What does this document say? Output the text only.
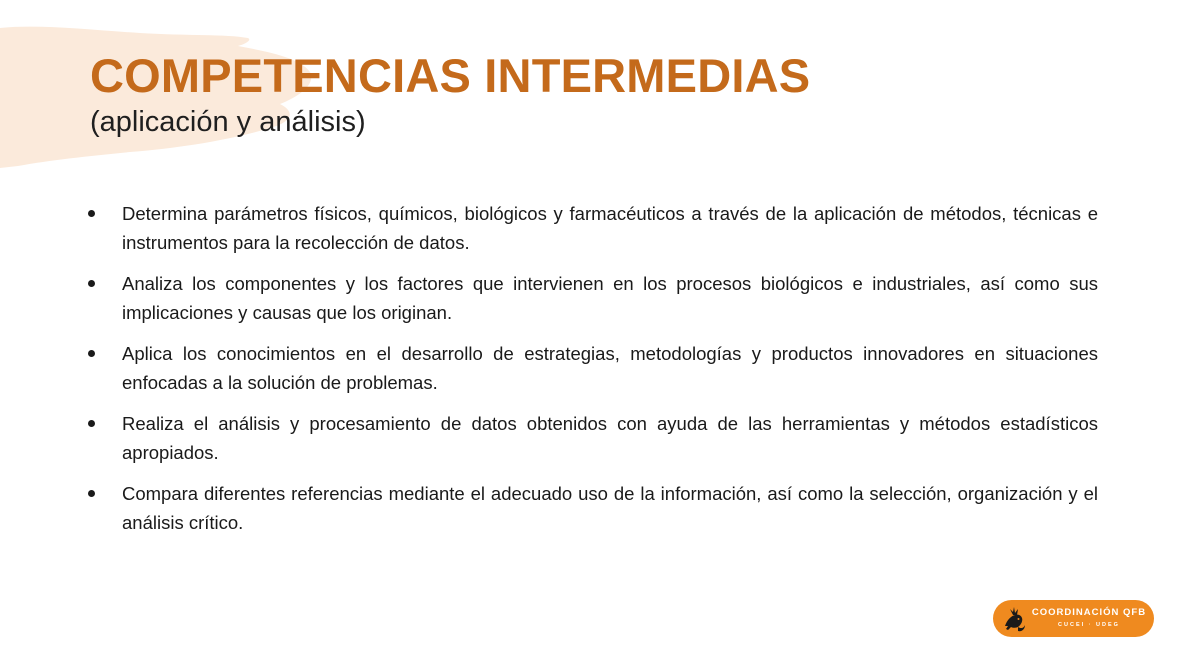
COMPETENCIAS INTERMEDIAS
(aplicación y análisis)
Determina parámetros físicos, químicos, biológicos y farmacéuticos a través de la aplicación de métodos, técnicas e instrumentos para la recolección de datos.
Analiza los componentes y los factores que intervienen en los procesos biológicos e industriales, así como sus implicaciones y causas que los originan.
Aplica los conocimientos en el desarrollo de estrategias, metodologías y productos innovadores en situaciones enfocadas a la solución de problemas.
Realiza el análisis y procesamiento de datos obtenidos con ayuda de las herramientas y métodos estadísticos apropiados.
Compara diferentes referencias mediante el adecuado uso de la información, así como la selección, organización y el análisis crítico.
COORDINACIÓN QFB
CUCEI · UDEG
